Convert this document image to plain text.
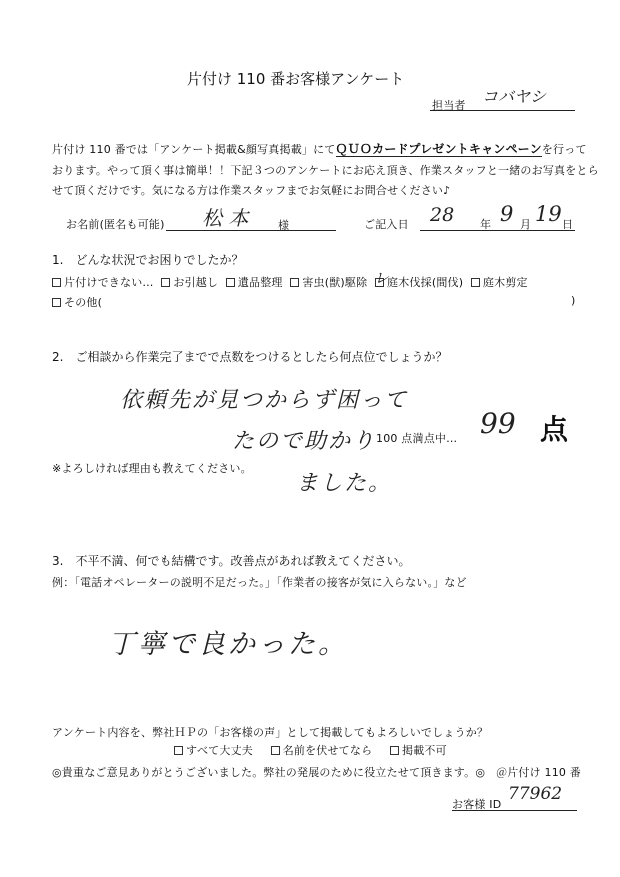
片付け 110 番お客様アンケート
担当者 コバヤシ
片付け 110 番では「アンケート掲載&顔写真掲載」にてＱＵＯカードプレゼントキャンペーンを行って
おります。やって頂く事は簡単！！下記３つのアンケートにお応え頂き、作業スタッフと一緒のお写真をとら
せて頂くだけです。気になる方は作業スタッフまでお気軽にお問合せください♪
お名前(匿名も可能) 松 本	様	ご記入日 28 年 9 月 19 日
1.　どんな状況でお困りでしたか？
片付けできない… お引越し 遺品整理 害虫(獣)駆除 レ
庭木伐採(間伐) 庭木剪定
その他(	)
2.　ご相談から作業完了までで点数をつけるとしたら何点位でしょうか？
依頼先が見つからず困って
たので助かり
ました。
100 点満点中… 99 点
※よろしければ理由も教えてください。
3.　不平不満、何でも結構です。改善点があれば教えてください。
例：「電話オペレーターの説明不足だった。」「作業者の接客が気に入らない。」など
丁寧で良かった。
アンケート内容を、弊社ＨＰの「お客様の声」として掲載してもよろしいでしょうか？
すべて大丈夫	名前を伏せてなら	掲載不可
◎貴重なご意見ありがとうございました。弊社の発展のために役立たせて頂きます。◎ ＠片付け 110 番
お客様 ID
77962
